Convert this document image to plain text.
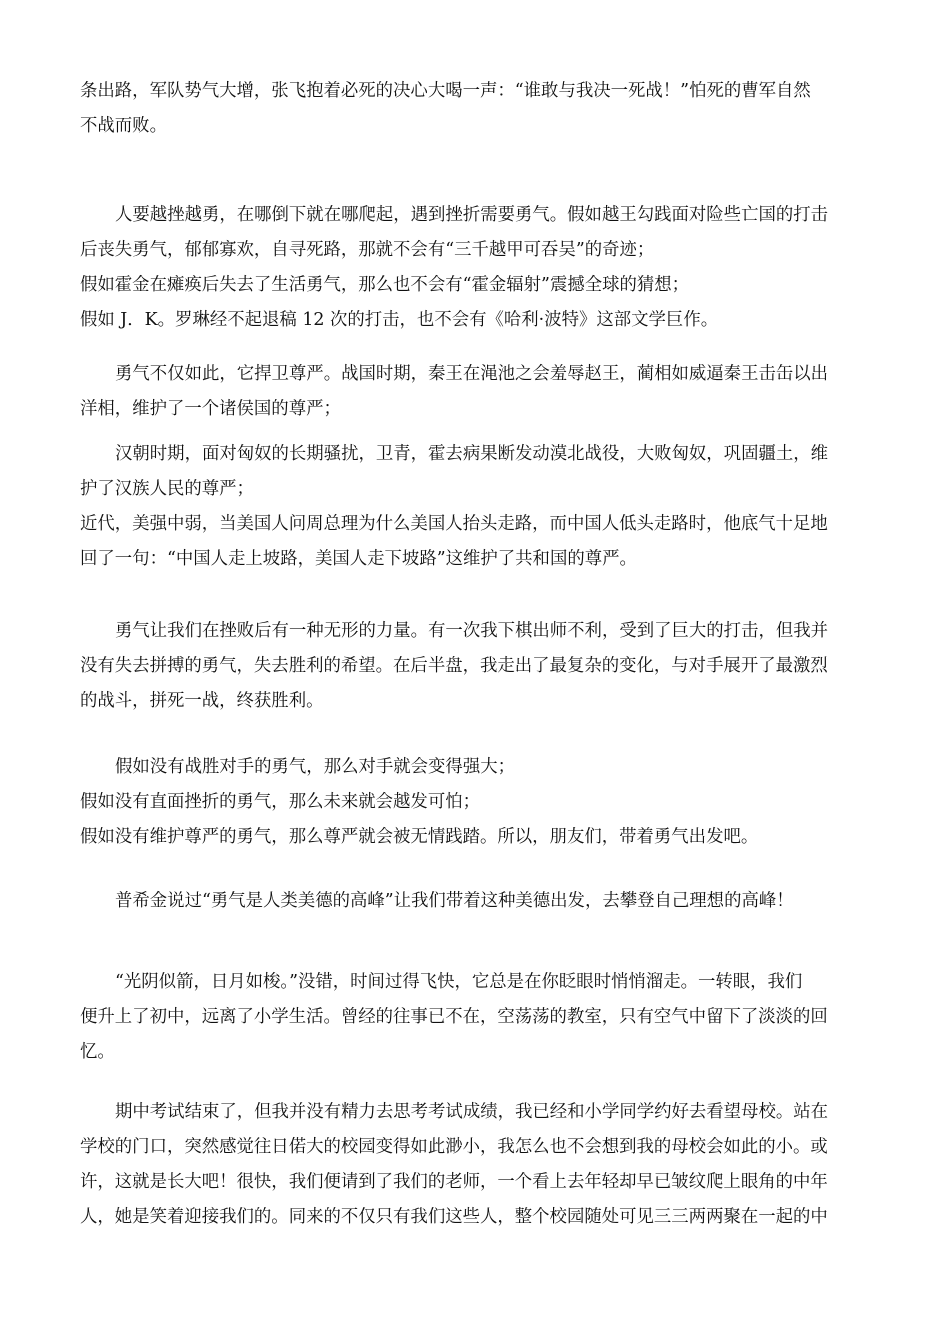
条出路，军队势气大增，张飞抱着必死的决心大喝一声：“谁敢与我决一死战！”怕死的曹军自然
不战而败。
人要越挫越勇，在哪倒下就在哪爬起，遇到挫折需要勇气。假如越王勾践面对险些亡国的打击
后丧失勇气，郁郁寡欢，自寻死路，那就不会有“三千越甲可吞吴”的奇迹；
假如霍金在瘫痪后失去了生活勇气，那么也不会有“霍金辐射”震撼全球的猜想；
假如 J．K。罗琳经不起退稿 12 次的打击，也不会有《哈利·波特》这部文学巨作。
勇气不仅如此，它捍卫尊严。战国时期，秦王在渑池之会羞辱赵王，蔺相如威逼秦王击缶以出
洋相，维护了一个诸侯国的尊严；
汉朝时期，面对匈奴的长期骚扰，卫青，霍去病果断发动漠北战役，大败匈奴，巩固疆土，维
护了汉族人民的尊严；
近代，美强中弱，当美国人问周总理为什么美国人抬头走路，而中国人低头走路时，他底气十足地
回了一句：“中国人走上坡路，美国人走下坡路”这维护了共和国的尊严。
勇气让我们在挫败后有一种无形的力量。有一次我下棋出师不利，受到了巨大的打击，但我并
没有失去拼搏的勇气，失去胜利的希望。在后半盘，我走出了最复杂的变化，与对手展开了最激烈
的战斗，拼死一战，终获胜利。
假如没有战胜对手的勇气，那么对手就会变得强大；
假如没有直面挫折的勇气，那么未来就会越发可怕；
假如没有维护尊严的勇气，那么尊严就会被无情践踏。所以，朋友们，带着勇气出发吧。
普希金说过“勇气是人类美德的高峰”让我们带着这种美德出发，去攀登自己理想的高峰！
“光阴似箭，日月如梭。”没错，时间过得飞快，它总是在你眨眼时悄悄溜走。一转眼，我们
便升上了初中，远离了小学生活。曾经的往事已不在，空荡荡的教室，只有空气中留下了淡淡的回
忆。
期中考试结束了，但我并没有精力去思考考试成绩，我已经和小学同学约好去看望母校。站在
学校的门口，突然感觉往日偌大的校园变得如此渺小，我怎么也不会想到我的母校会如此的小。或
许，这就是长大吧！很快，我们便请到了我们的老师，一个看上去年轻却早已皱纹爬上眼角的中年
人，她是笑着迎接我们的。同来的不仅只有我们这些人，整个校园随处可见三三两两聚在一起的中
